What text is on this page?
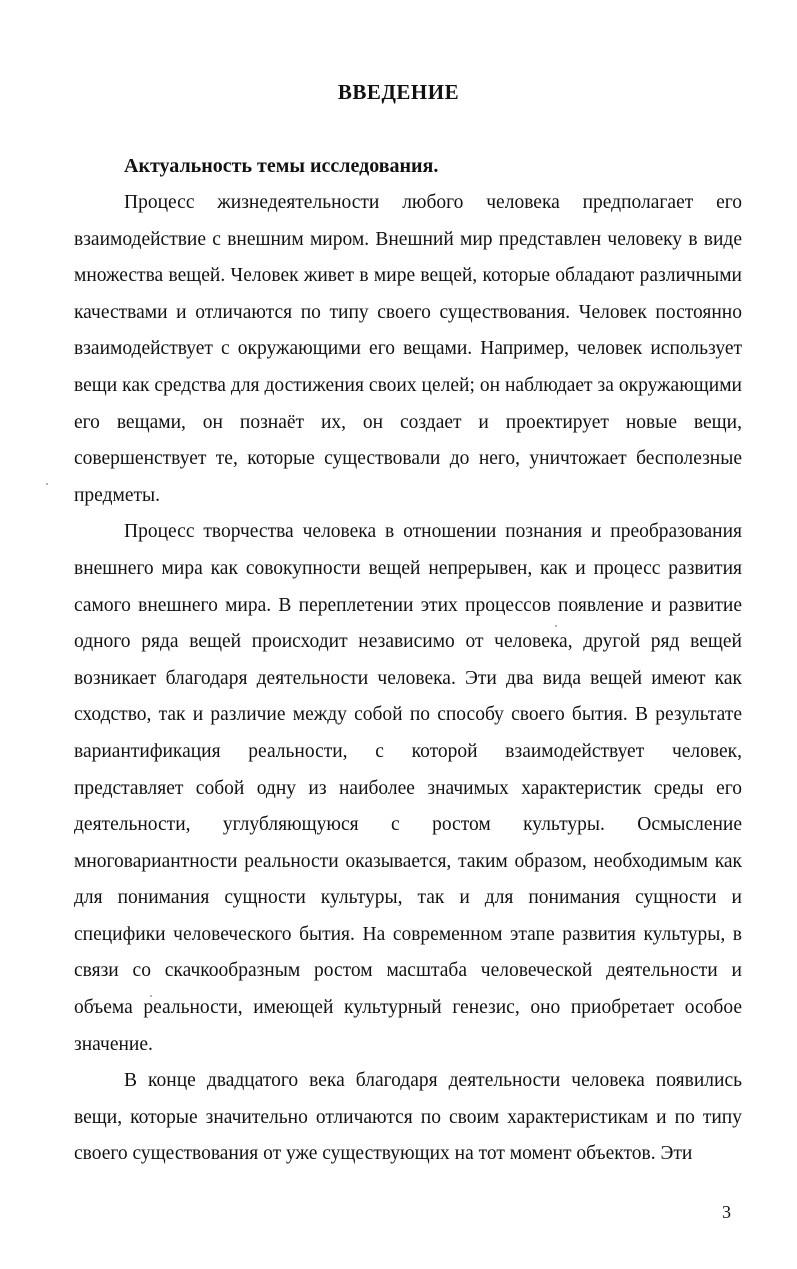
ВВЕДЕНИЕ
Актуальность темы исследования.

Процесс жизнедеятельности любого человека предполагает его взаимодействие с внешним миром. Внешний мир представлен человеку в виде множества вещей. Человек живет в мире вещей, которые обладают различными качествами и отличаются по типу своего существования. Человек постоянно взаимодействует с окружающими его вещами. Например, человек использует вещи как средства для достижения своих целей; он наблюдает за окружающими его вещами, он познаёт их, он создает и проектирует новые вещи, совершенствует те, которые существовали до него, уничтожает бесполезные предметы.

Процесс творчества человека в отношении познания и преобразования внешнего мира как совокупности вещей непрерывен, как и процесс развития самого внешнего мира. В переплетении этих процессов появление и развитие одного ряда вещей происходит независимо от человека, другой ряд вещей возникает благодаря деятельности человека. Эти два вида вещей имеют как сходство, так и различие между собой по способу своего бытия. В результате вариантификация реальности, с которой взаимодействует человек, представляет собой одну из наиболее значимых характеристик среды его деятельности, углубляющуюся с ростом культуры. Осмысление многовариантности реальности оказывается, таким образом, необходимым как для понимания сущности культуры, так и для понимания сущности и специфики человеческого бытия. На современном этапе развития культуры, в связи со скачкообразным ростом масштаба человеческой деятельности и объема реальности, имеющей культурный генезис, оно приобретает особое значение.

В конце двадцатого века благодаря деятельности человека появились вещи, которые значительно отличаются по своим характеристикам и по типу своего существования от уже существующих на тот момент объектов. Эти

3
